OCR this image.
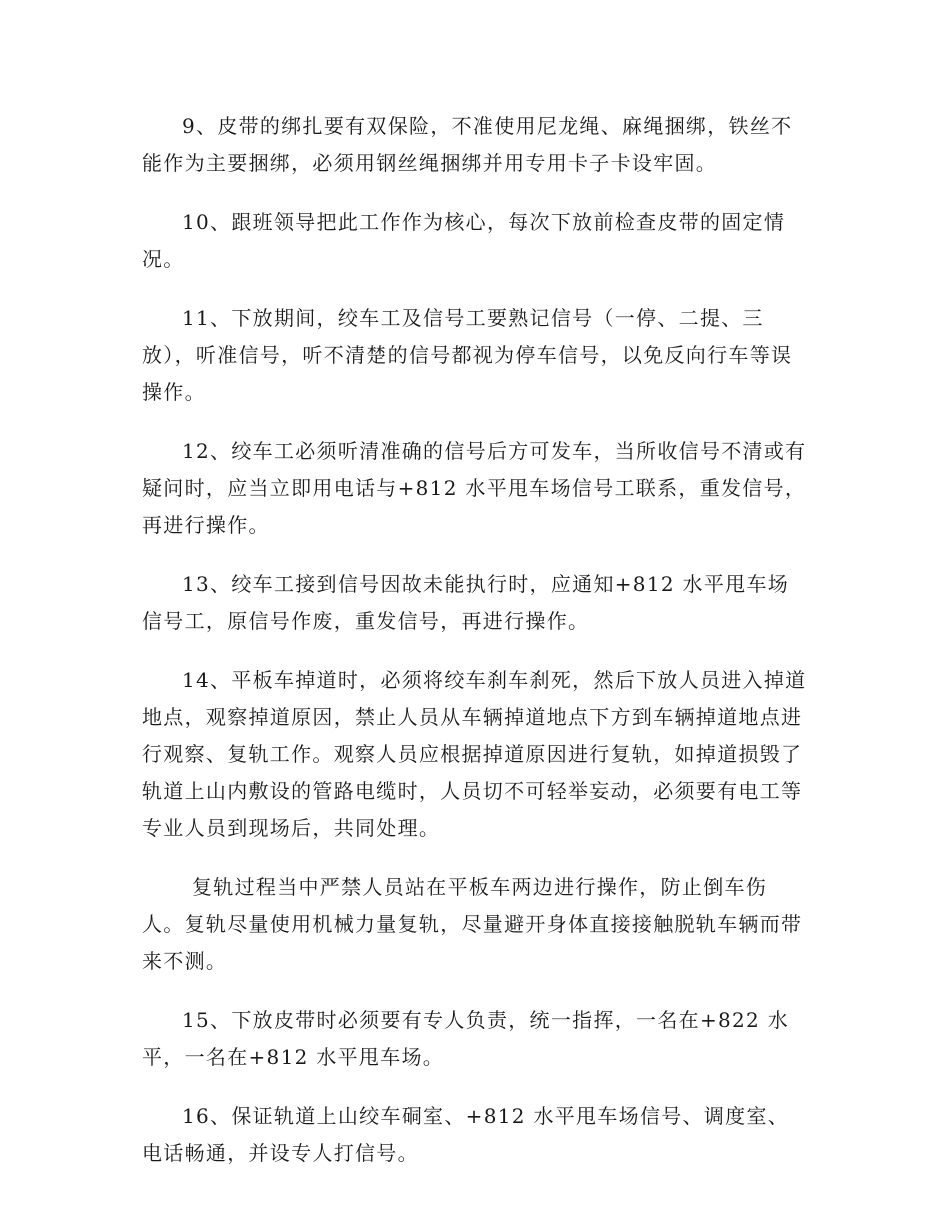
9、皮带的绑扎要有双保险，不准使用尼龙绳、麻绳捆绑，铁丝不能作为主要捆绑，必须用钢丝绳捆绑并用专用卡子卡设牢固。

10、跟班领导把此工作作为核心，每次下放前检查皮带的固定情况。

11、下放期间，绞车工及信号工要熟记信号（一停、二提、三放），听准信号，听不清楚的信号都视为停车信号，以免反向行车等误操作。

12、绞车工必须听清准确的信号后方可发车，当所收信号不清或有疑问时，应当立即用电话与+812 水平甩车场信号工联系，重发信号，再进行操作。

13、绞车工接到信号因故未能执行时，应通知+812 水平甩车场信号工，原信号作废，重发信号，再进行操作。

14、平板车掉道时，必须将绞车刹车刹死，然后下放人员进入掉道地点，观察掉道原因，禁止人员从车辆掉道地点下方到车辆掉道地点进行观察、复轨工作。观察人员应根据掉道原因进行复轨，如掉道损毁了轨道上山内敷设的管路电缆时，人员切不可轻举妄动，必须要有电工等专业人员到现场后，共同处理。

复轨过程当中严禁人员站在平板车两边进行操作，防止倒车伤人。复轨尽量使用机械力量复轨，尽量避开身体直接接触脱轨车辆而带来不测。

15、下放皮带时必须要有专人负责，统一指挥，一名在+822 水平，一名在+812 水平甩车场。

16、保证轨道上山绞车硐室、+812 水平甩车场信号、调度室、电话畅通，并设专人打信号。
